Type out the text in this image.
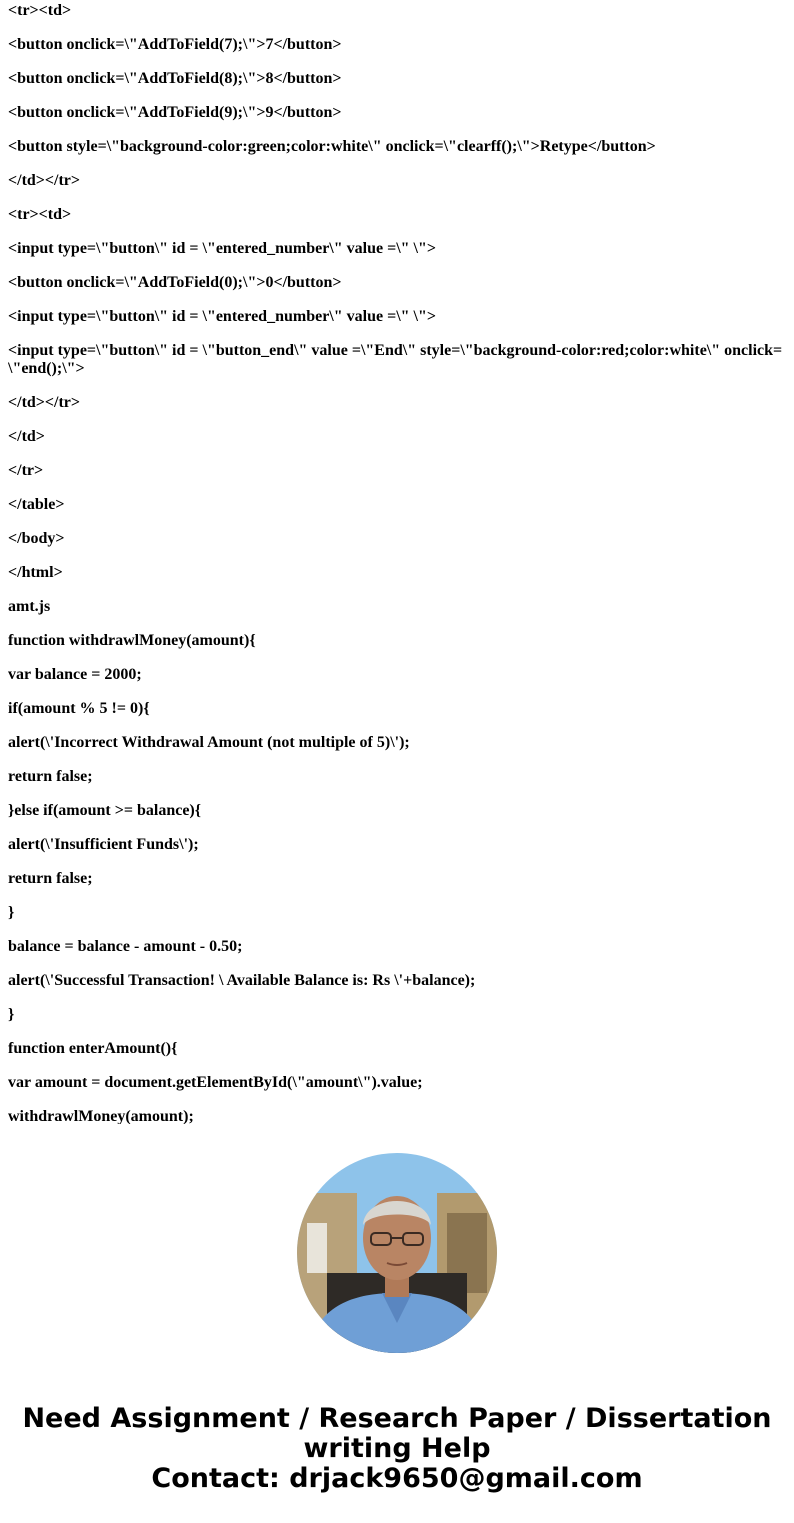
<tr><td>

<button onclick=\"AddToField(7);\">7</button>

<button onclick=\"AddToField(8);\">8</button>

<button onclick=\"AddToField(9);\">9</button>

<button style=\"background-color:green;color:white\" onclick=\"clearff();\">Retype</button>

</td></tr>

<tr><td>

<input type=\"button\" id = \"entered_number\" value =\" \">

<button onclick=\"AddToField(0);\">0</button>

<input type=\"button\" id = \"entered_number\" value =\" \">

<input type=\"button\" id = \"button_end\" value =\"End\" style=\"background-color:red;color:white\" onclick=\"end();\">

</td></tr>

</td>

</tr>

</table>

</body>

</html>

amt.js

function withdrawlMoney(amount){

var balance = 2000;

if(amount % 5 != 0){

alert(\'Incorrect Withdrawal Amount (not multiple of 5)\');

return false;

}else if(amount >= balance){

alert(\'Insufficient Funds\');

return false;

}

balance = balance - amount - 0.50;

alert(\'Successful Transaction! \ Available Balance is: Rs \'+balance);

}

function enterAmount(){

var amount = document.getElementById(\"amount\").value;

withdrawlMoney(amount);

Need Assignment / Research Paper / Dissertation
writing Help
Contact: drjack9650@gmail.com
